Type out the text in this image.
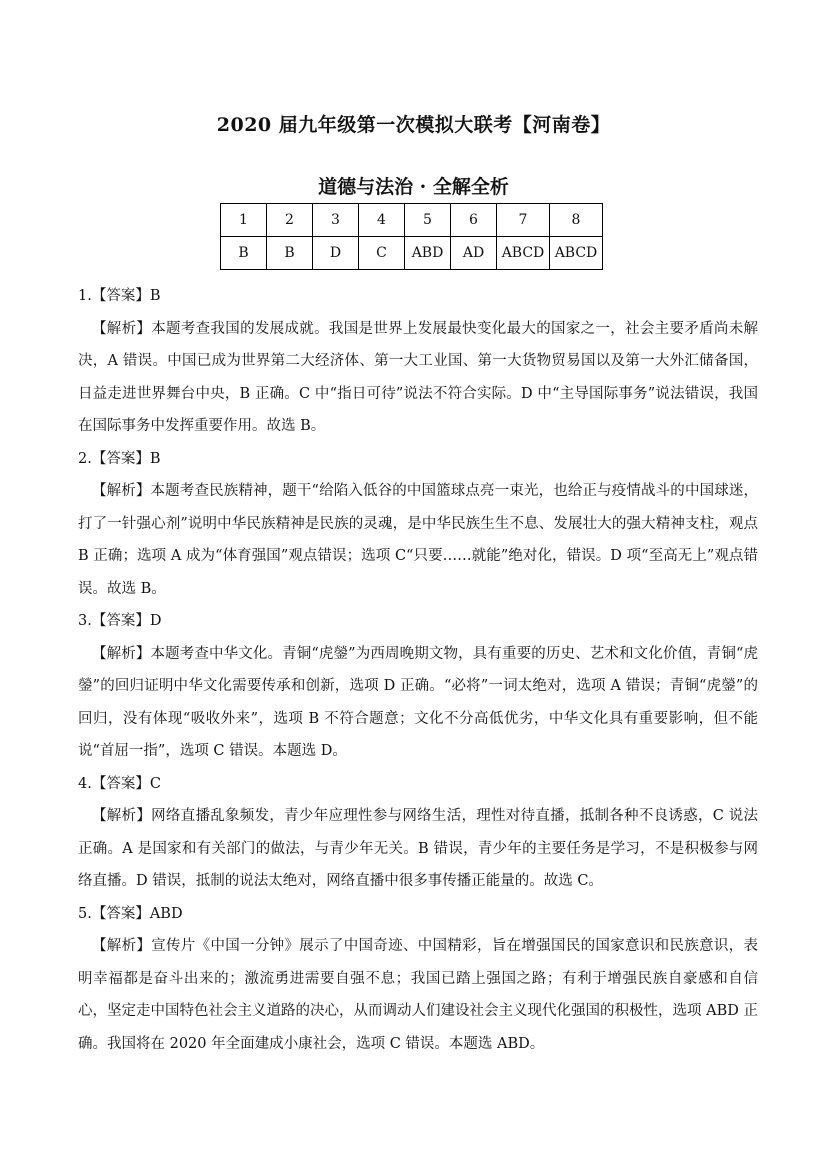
2020 届九年级第一次模拟大联考【河南卷】
道德与法治 · 全解全析
1	2	3	4	5	6	7	8
B	B	D	C	ABD	AD	ABCD	ABCD

1.【答案】B

【解析】本题考查我国的发展成就。我国是世界上发展最快变化最大的国家之一，社会主要矛盾尚未解决，A 错误。中国已成为世界第二大经济体、第一大工业国、第一大货物贸易国以及第一大外汇储备国，日益走进世界舞台中央，B 正确。C 中“指日可待”说法不符合实际。D 中“主导国际事务”说法错误，我国在国际事务中发挥重要作用。故选 B。

2.【答案】B

【解析】本题考查民族精神，题干“给陷入低谷的中国篮球点亮一束光，也给正与疫情战斗的中国球迷，打了一针强心剂”说明中华民族精神是民族的灵魂，是中华民族生生不息、发展壮大的强大精神支柱，观点 B 正确；选项 A 成为“体育强国”观点错误；选项 C“只要……就能”绝对化，错误。D 项“至高无上”观点错误。故选 B。

3.【答案】D

【解析】本题考查中华文化。青铜“虎鎣”为西周晚期文物，具有重要的历史、艺术和文化价值，青铜“虎鎣”的回归证明中华文化需要传承和创新，选项 D 正确。“必将”一词太绝对，选项 A 错误；青铜“虎鎣”的回归，没有体现“吸收外来”，选项 B 不符合题意；文化不分高低优劣，中华文化具有重要影响，但不能说“首屈一指”，选项 C 错误。本题选 D。

4.【答案】C

【解析】网络直播乱象频发，青少年应理性参与网络生活，理性对待直播，抵制各种不良诱惑，C 说法正确。A 是国家和有关部门的做法，与青少年无关。B 错误，青少年的主要任务是学习，不是积极参与网络直播。D 错误，抵制的说法太绝对，网络直播中很多事传播正能量的。故选 C。

5.【答案】ABD

【解析】宣传片《中国一分钟》展示了中国奇迹、中国精彩，旨在增强国民的国家意识和民族意识，表明幸福都是奋斗出来的；激流勇进需要自强不息；我国已踏上强国之路；有利于增强民族自豪感和自信心，坚定走中国特色社会主义道路的决心，从而调动人们建设社会主义现代化强国的积极性，选项 ABD 正确。我国将在 2020 年全面建成小康社会，选项 C 错误。本题选 ABD。
